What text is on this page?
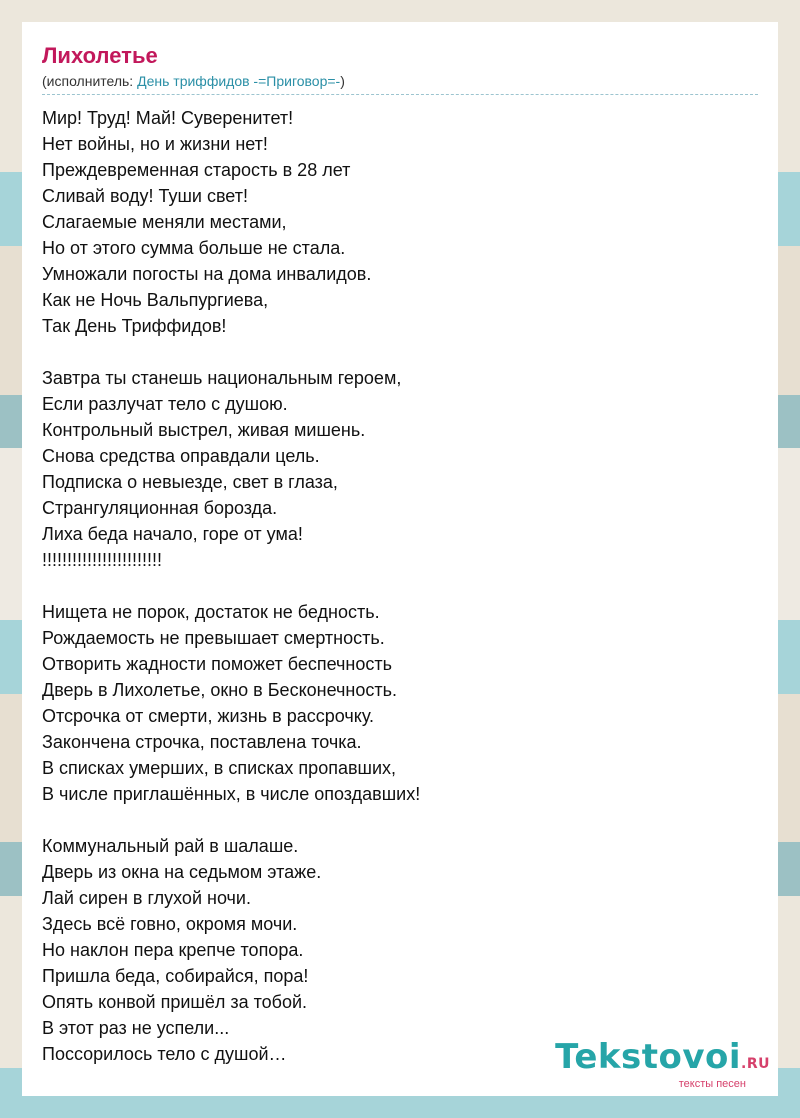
Лихолетье
(исполнитель: День триффидов -=Приговор=-)
Мир! Труд! Май! Суверенитет!
Нет войны, но и жизни нет!
Преждевременная старость в 28 лет
Сливай воду! Туши свет!
Слагаемые меняли местами,
Но от этого сумма больше не стала.
Умножали погосты на дома инвалидов.
Как не Ночь Вальпургиева,
Так День Триффидов!
Завтра ты станешь национальным героем,
Если разлучат тело с душою.
Контрольный выстрел, живая мишень.
Снова средства оправдали цель.
Подписка о невыезде, свет в глаза,
Странгуляционная борозда.
Лиха беда начало, горе от ума!
!!!!!!!!!!!!!!!!!!!!!!!!
Нищета не порок, достаток не бедность.
Рождаемость не превышает смертность.
Отворить жадности поможет беспечность
Дверь в Лихолетье, окно в Бесконечность.
Отсрочка от смерти, жизнь в рассрочку.
Закончена строчка, поставлена точка.
В списках умерших, в списках пропавших,
В числе приглашённых, в числе опоздавших!
Коммунальный рай в шалаше.
Дверь из окна на седьмом этаже.
Лай сирен в глухой ночи.
Здесь всё говно, окромя мочи.
Но наклон пера крепче топора.
Пришла беда, собирайся, пора!
Опять конвой пришёл за тобой.
В этот раз не успели...
Поссорилось тело с душой…	Tekstovoi.RU
тексты песен
